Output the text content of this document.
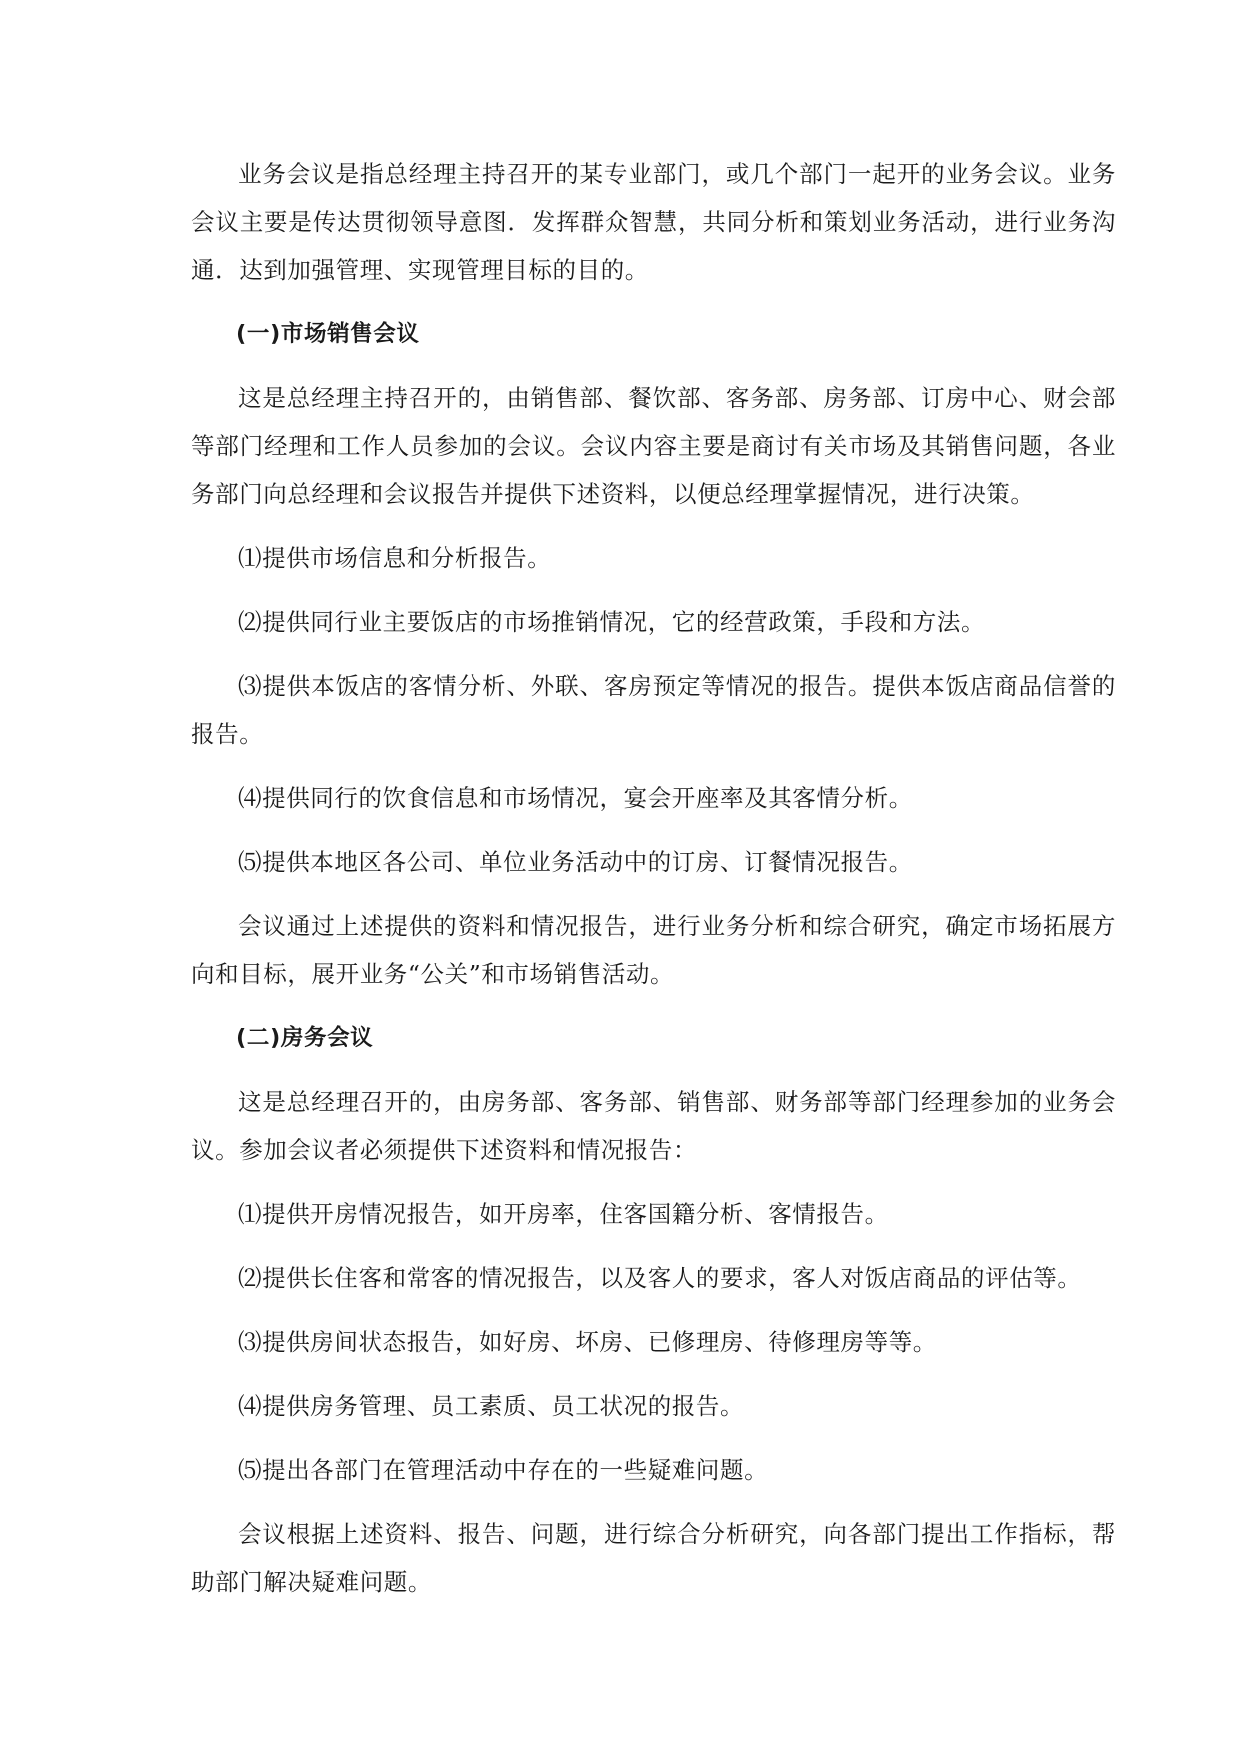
业务会议是指总经理主持召开的某专业部门，或几个部门一起开的业务会议。业务会议主要是传达贯彻领导意图．发挥群众智慧，共同分析和策划业务活动，进行业务沟通．达到加强管理、实现管理目标的目的。

(一)市场销售会议

这是总经理主持召开的，由销售部、餐饮部、客务部、房务部、订房中心、财会部等部门经理和工作人员参加的会议。会议内容主要是商讨有关市场及其销售问题，各业务部门向总经理和会议报告并提供下述资料，以便总经理掌握情况，进行决策。

⑴提供市场信息和分析报告。

⑵提供同行业主要饭店的市场推销情况，它的经营政策，手段和方法。

⑶提供本饭店的客情分析、外联、客房预定等情况的报告。提供本饭店商品信誉的报告。

⑷提供同行的饮食信息和市场情况，宴会开座率及其客情分析。

⑸提供本地区各公司、单位业务活动中的订房、订餐情况报告。

会议通过上述提供的资料和情况报告，进行业务分析和综合研究，确定市场拓展方向和目标，展开业务“公关”和市场销售活动。

(二)房务会议

这是总经理召开的，由房务部、客务部、销售部、财务部等部门经理参加的业务会议。参加会议者必须提供下述资料和情况报告：

⑴提供开房情况报告，如开房率，住客国籍分析、客情报告。

⑵提供长住客和常客的情况报告，以及客人的要求，客人对饭店商品的评估等。

⑶提供房间状态报告，如好房、坏房、已修理房、待修理房等等。

⑷提供房务管理、员工素质、员工状况的报告。

⑸提出各部门在管理活动中存在的一些疑难问题。

会议根据上述资料、报告、问题，进行综合分析研究，向各部门提出工作指标，帮助部门解决疑难问题。
